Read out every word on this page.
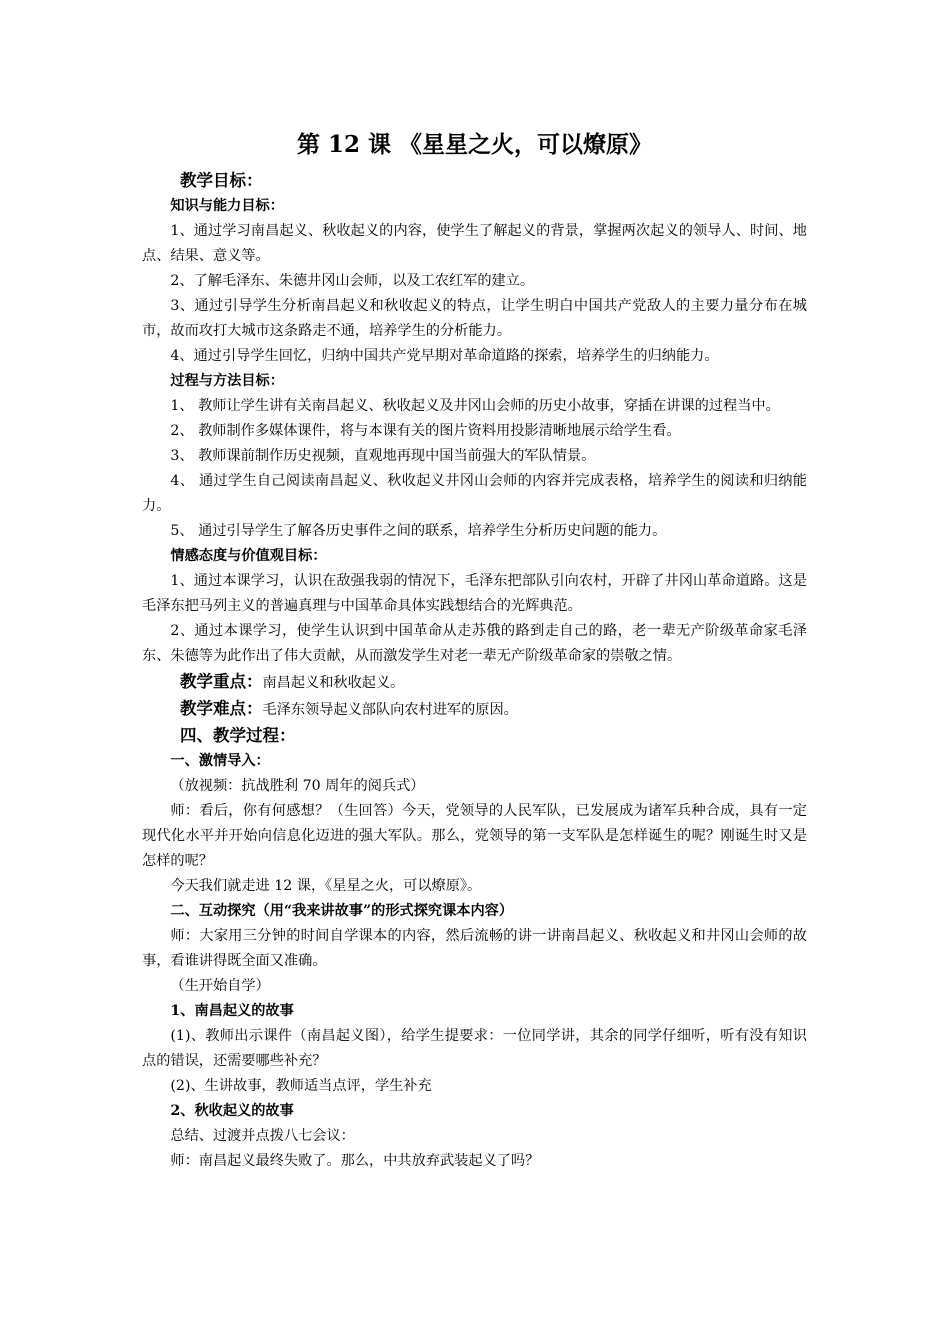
第 12 课 《星星之火，可以燎原》

教学目标：

知识与能力目标：

1、通过学习南昌起义、秋收起义的内容，使学生了解起义的背景，掌握两次起义的领导人、时间、地点、结果、意义等。

2、了解毛泽东、朱德井冈山会师，以及工农红军的建立。

3、通过引导学生分析南昌起义和秋收起义的特点，让学生明白中国共产党敌人的主要力量分布在城市，故而攻打大城市这条路走不通，培养学生的分析能力。

4、通过引导学生回忆，归纳中国共产党早期对革命道路的探索，培养学生的归纳能力。

过程与方法目标：

1、 教师让学生讲有关南昌起义、秋收起义及井冈山会师的历史小故事，穿插在讲课的过程当中。

2、 教师制作多媒体课件，将与本课有关的图片资料用投影清晰地展示给学生看。

3、 教师课前制作历史视频，直观地再现中国当前强大的军队情景。

4、 通过学生自己阅读南昌起义、秋收起义井冈山会师的内容并完成表格，培养学生的阅读和归纳能力。

5、 通过引导学生了解各历史事件之间的联系，培养学生分析历史问题的能力。

情感态度与价值观目标：

1、通过本课学习，认识在敌强我弱的情况下，毛泽东把部队引向农村，开辟了井冈山革命道路。这是毛泽东把马列主义的普遍真理与中国革命具体实践想结合的光辉典范。

2、通过本课学习，使学生认识到中国革命从走苏俄的路到走自己的路，老一辈无产阶级革命家毛泽东、朱德等为此作出了伟大贡献，从而激发学生对老一辈无产阶级革命家的崇敬之情。

教学重点：南昌起义和秋收起义。

教学难点：毛泽东领导起义部队向农村进军的原因。

四、教学过程：

一、激情导入：

（放视频：抗战胜利 70 周年的阅兵式）

师：看后，你有何感想？（生回答）今天，党领导的人民军队，已发展成为诸军兵种合成，具有一定现代化水平并开始向信息化迈进的强大军队。那么，党领导的第一支军队是怎样诞生的呢？刚诞生时又是怎样的呢？

今天我们就走进 12 课，《星星之火，可以燎原》。

二、互动探究（用“我来讲故事”的形式探究课本内容）

师：大家用三分钟的时间自学课本的内容，然后流畅的讲一讲南昌起义、秋收起义和井冈山会师的故事，看谁讲得既全面又准确。

（生开始自学）

1、南昌起义的故事

(1)、教师出示课件（南昌起义图），给学生提要求：一位同学讲，其余的同学仔细听，听有没有知识点的错误，还需要哪些补充？

(2)、生讲故事，教师适当点评，学生补充

2、秋收起义的故事

总结、过渡并点拨八七会议：

师：南昌起义最终失败了。那么，中共放弃武装起义了吗？
